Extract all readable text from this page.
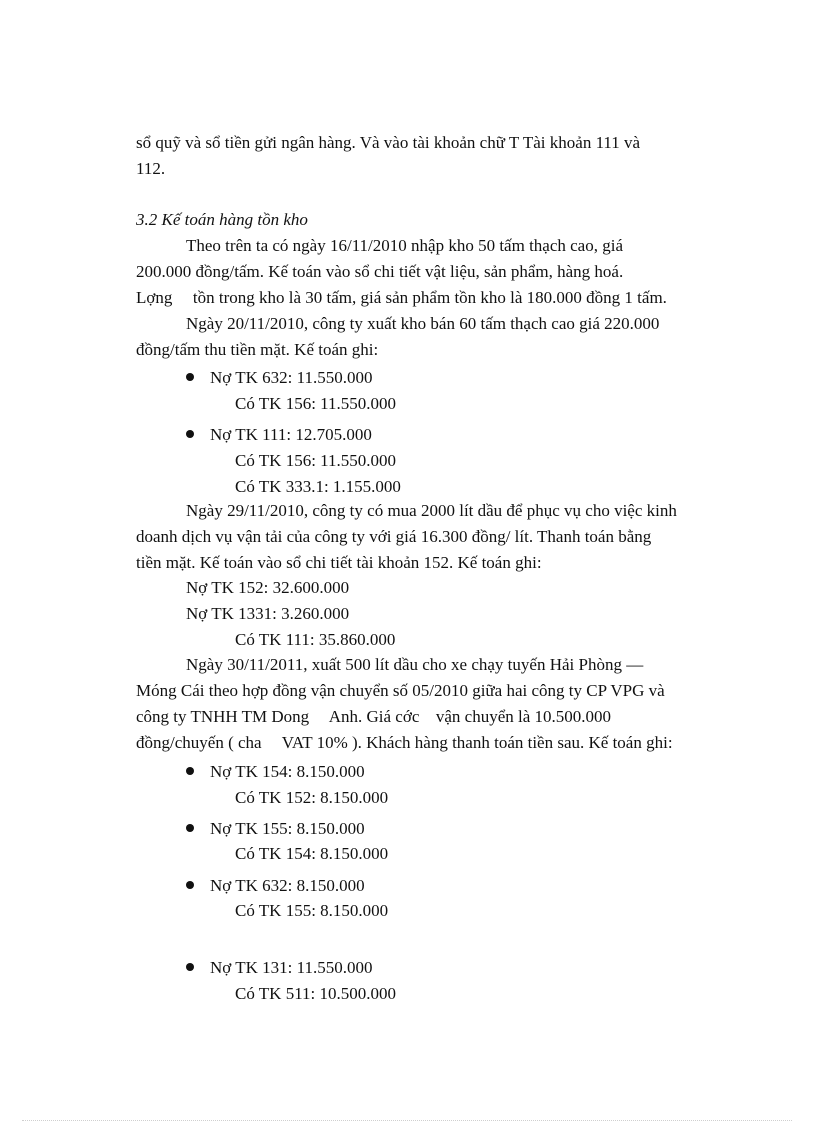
sổ quỹ và sổ tiền gửi ngân hàng. Và vào tài khoản chữ T Tài khoản 111 và
112.
3.2 Kế toán hàng tồn kho
Theo trên ta có ngày 16/11/2010 nhập kho 50 tấm thạch cao, giá
200.000 đồng/tấm. Kế toán vào sổ chi tiết vật liệu, sản phẩm, hàng hoá.
Lợng tồn trong kho là 30 tấm, giá sản phẩm tồn kho là 180.000 đồng 1 tấm.
Ngày 20/11/2010, công ty xuất kho bán 60 tấm thạch cao giá 220.000
đồng/tấm thu tiền mặt. Kế toán ghi:
Nợ TK 632: 11.550.000
Có TK 156: 11.550.000
Nợ TK 111: 12.705.000
Có TK 156: 11.550.000
Có TK 333.1: 1.155.000
Ngày 29/11/2010, công ty có mua 2000 lít dầu để phục vụ cho việc kinh
doanh dịch vụ vận tải của công ty với giá 16.300 đồng/ lít. Thanh toán bằng
tiền mặt. Kế toán vào sổ chi tiết tài khoản 152. Kế toán ghi:
Nợ TK 152: 32.600.000
Nợ TK 1331: 3.260.000
Có TK 111: 35.860.000
Ngày 30/11/2011, xuất 500 lít dầu cho xe chạy tuyến Hải Phòng —
Móng Cái theo hợp đồng vận chuyển số 05/2010 giữa hai công ty CP VPG và
công ty TNHH TM Dong Anh. Giá cớc vận chuyển là 10.500.000
đồng/chuyến ( cha VAT 10% ). Khách hàng thanh toán tiền sau. Kế toán ghi:
Nợ TK 154: 8.150.000
Có TK 152: 8.150.000
Nợ TK 155: 8.150.000
Có TK 154: 8.150.000
Nợ TK 632: 8.150.000
Có TK 155: 8.150.000
Nợ TK 131: 11.550.000
Có TK 511: 10.500.000
